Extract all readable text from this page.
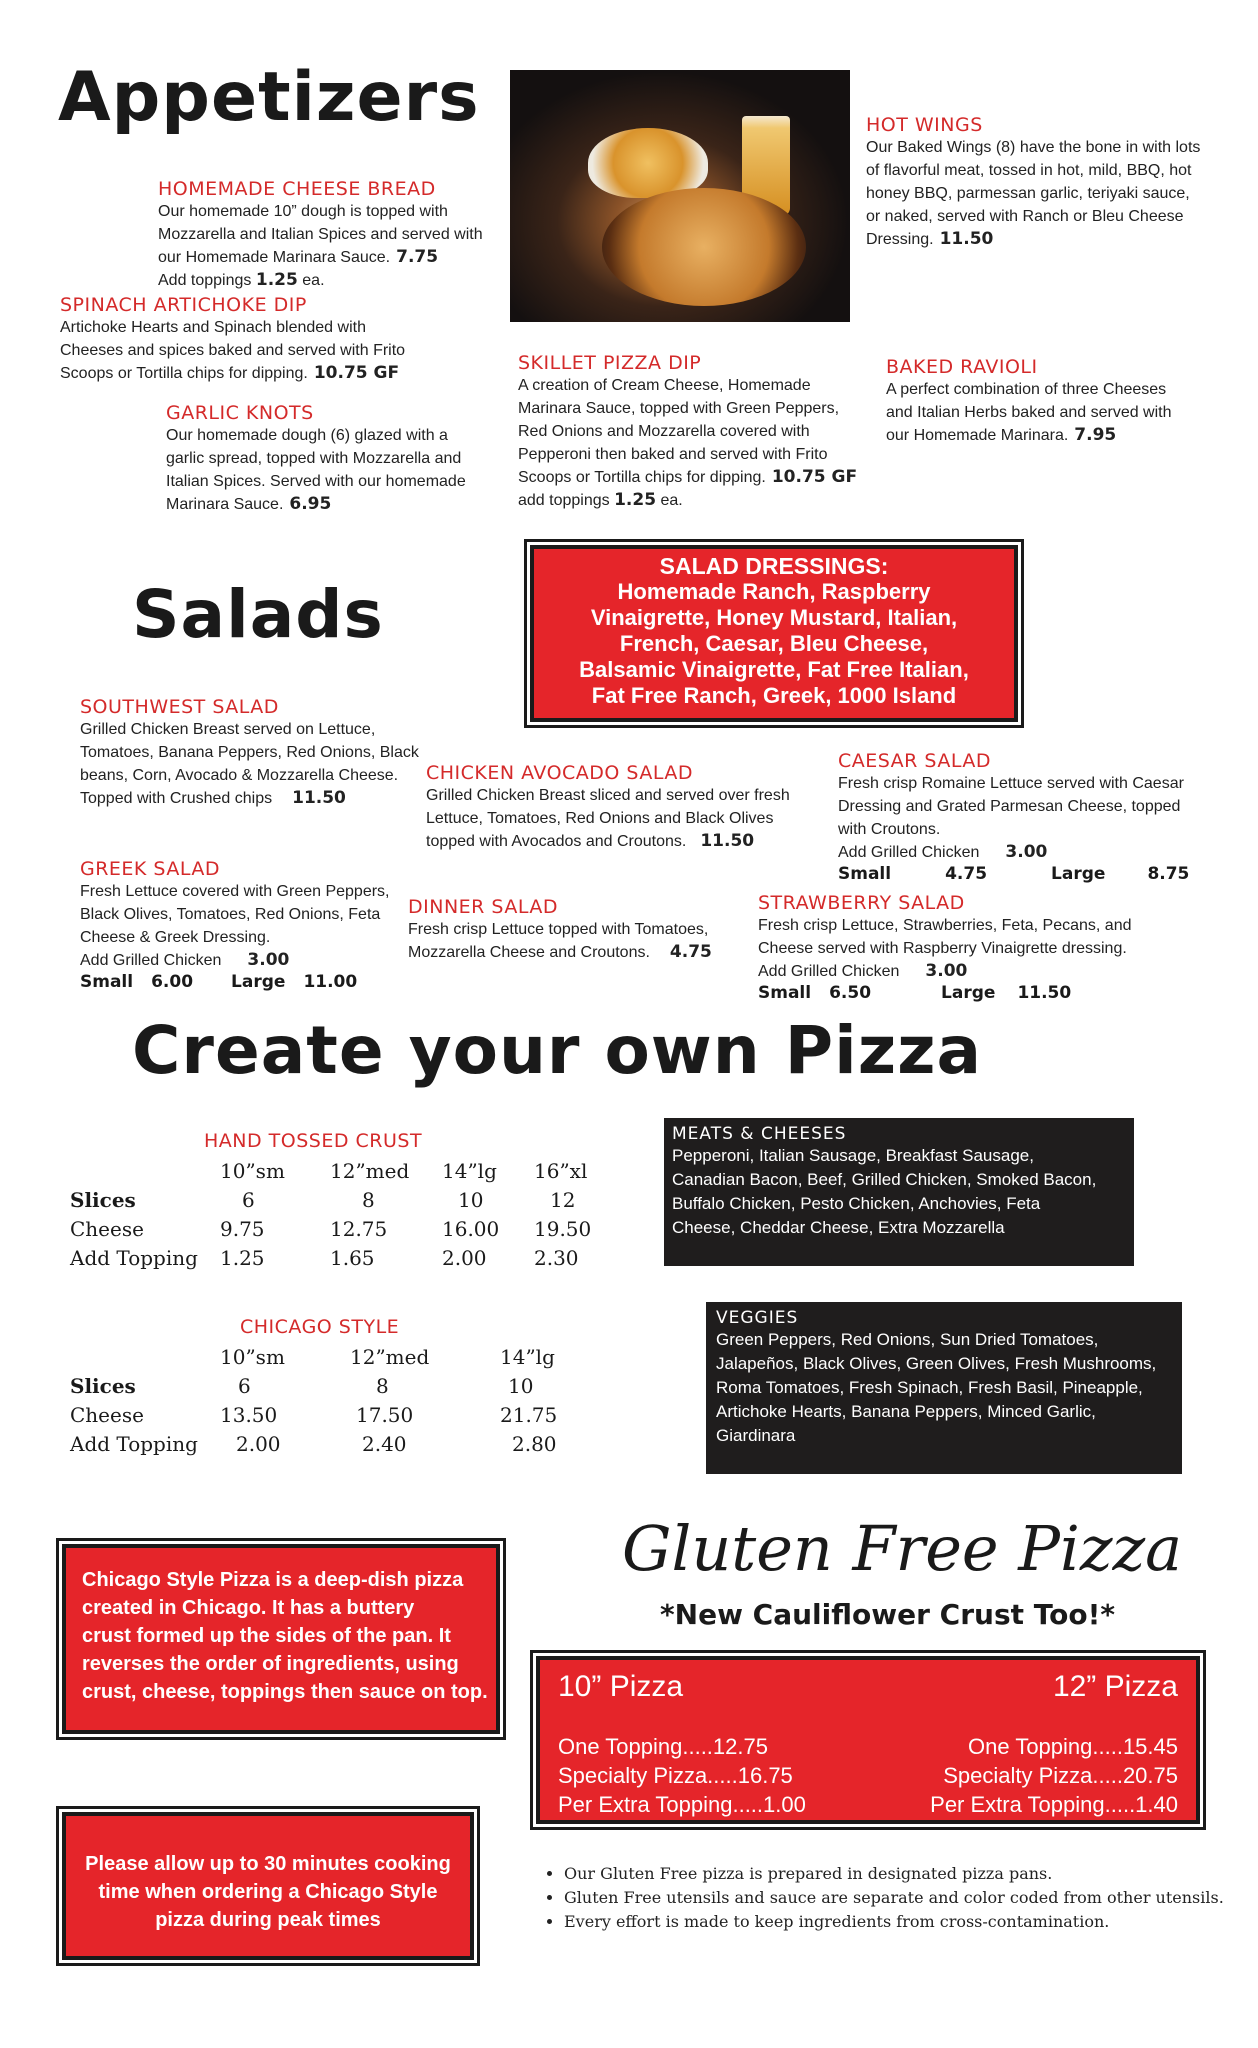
Appetizers
HOMEMADE CHEESE BREAD
Our homemade 10” dough is topped with Mozzarella and Italian Spices and served with our Homemade Marinara Sauce. 7.75
Add toppings 1.25 ea.
SPINACH ARTICHOKE DIP
Artichoke Hearts and Spinach blended with Cheeses and spices baked and served with Frito Scoops or Tortilla chips for dipping. 10.75 GF
GARLIC KNOTS
Our homemade dough (6) glazed with a garlic spread, topped with Mozzarella and Italian Spices. Served with our homemade Marinara Sauce. 6.95
HOT WINGS
Our Baked Wings (8) have the bone in with lots of flavorful meat, tossed in hot, mild, BBQ, hot honey BBQ, parmessan garlic, teriyaki sauce, or naked, served with Ranch or Bleu Cheese Dressing. 11.50
SKILLET PIZZA DIP
A creation of Cream Cheese, Homemade Marinara Sauce, topped with Green Peppers, Red Onions and Mozzarella covered with Pepperoni then baked and served with Frito Scoops or Tortilla chips for dipping. 10.75 GF
add toppings 1.25 ea.
BAKED RAVIOLI
A perfect combination of three Cheeses and Italian Herbs baked and served with our Homemade Marinara. 7.95
Salads
SALAD DRESSINGS:
Homemade Ranch, Raspberry
Vinaigrette, Honey Mustard, Italian,
French, Caesar, Bleu Cheese,
Balsamic Vinaigrette, Fat Free Italian,
Fat Free Ranch, Greek, 1000 Island
SOUTHWEST SALAD
Grilled Chicken Breast served on Lettuce, Tomatoes, Banana Peppers, Red Onions, Black beans, Corn, Avocado & Mozzarella Cheese. Topped with Crushed chips 11.50
CHICKEN AVOCADO SALAD
Grilled Chicken Breast sliced and served over fresh Lettuce, Tomatoes, Red Onions and Black Olives topped with Avocados and Croutons. 11.50
CAESAR SALAD
Fresh crisp Romaine Lettuce served with Caesar Dressing and Grated Parmesan Cheese, topped with Croutons.
Add Grilled Chicken 3.00
Small	4.75	Large 8.75
GREEK SALAD
Fresh Lettuce covered with Green Peppers, Black Olives, Tomatoes, Red Onions, Feta Cheese & Greek Dressing.
Add Grilled Chicken 3.00
Small 6.00 Large 11.00
DINNER SALAD
Fresh crisp Lettuce topped with Tomatoes, Mozzarella Cheese and Croutons. 4.75
STRAWBERRY SALAD
Fresh crisp Lettuce, Strawberries, Feta, Pecans, and Cheese served with Raspberry Vinaigrette dressing.
Add Grilled Chicken 3.00
Small 6.50	Large 11.50
Create your own Pizza
HAND TOSSED CRUST
	10”sm	12”med	14”lg	16”xl
Slices	6	8	10	12
Cheese	9.75	12.75	16.00	19.50
Add Topping	1.25	1.65	2.00	2.30
CHICAGO STYLE
	10”sm	12”med	14”lg
Slices	6	8	10
Cheese	13.50	17.50	21.75
Add Topping	2.00	2.40	2.80
MEATS & CHEESES
Pepperoni, Italian Sausage, Breakfast Sausage,
Canadian Bacon, Beef, Grilled Chicken, Smoked Bacon,
Buffalo Chicken, Pesto Chicken, Anchovies, Feta
Cheese, Cheddar Cheese, Extra Mozzarella
VEGGIES
Green Peppers, Red Onions, Sun Dried Tomatoes,
Jalapeños, Black Olives, Green Olives, Fresh Mushrooms,
Roma Tomatoes, Fresh Spinach, Fresh Basil, Pineapple,
Artichoke Hearts, Banana Peppers, Minced Garlic,
Giardinara
Chicago Style Pizza is a deep-dish pizza
created in Chicago. It has a buttery
crust formed up the sides of the pan. It
reverses the order of ingredients, using
crust, cheese, toppings then sauce on top.
Please allow up to 30 minutes cooking
time when ordering a Chicago Style
pizza during peak times
Gluten Free Pizza
*New Cauliflower Crust Too!*
10” Pizza
One Topping.....12.75
Specialty Pizza.....16.75
Per Extra Topping.....1.00
12” Pizza
One Topping.....15.45
Specialty Pizza.....20.75
Per Extra Topping.....1.40
• Our Gluten Free pizza is prepared in designated pizza pans.
• Gluten Free utensils and sauce are separate and color coded from other utensils.
• Every effort is made to keep ingredients from cross-contamination.
